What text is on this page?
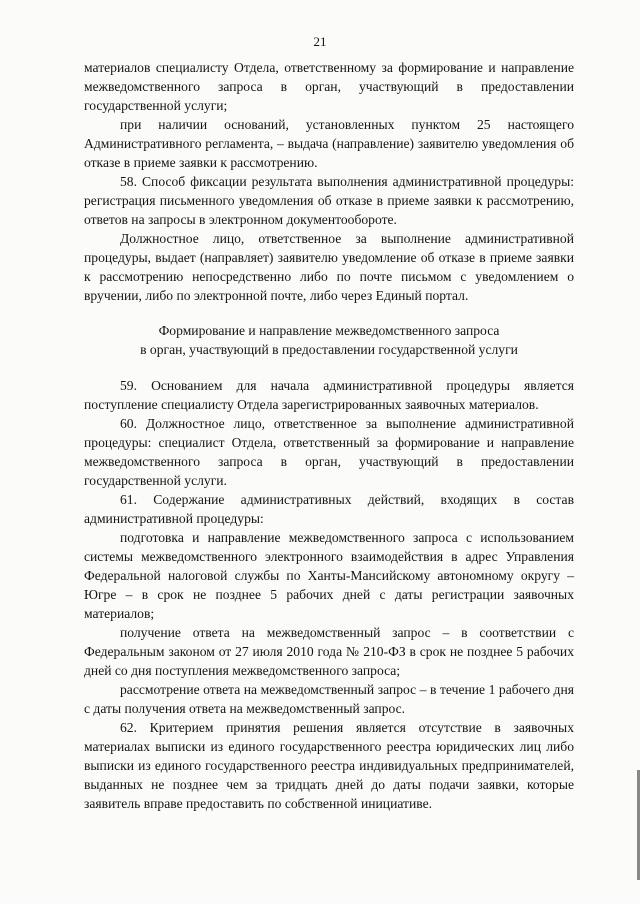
21

материалов специалисту Отдела, ответственному за формирование и направление межведомственного запроса в орган, участвующий в предоставлении государственной услуги;

при наличии оснований, установленных пунктом 25 настоящего Административного регламента, – выдача (направление) заявителю уведомления об отказе в приеме заявки к рассмотрению.

58. Способ фиксации результата выполнения административной процедуры: регистрация письменного уведомления об отказе в приеме заявки к рассмотрению, ответов на запросы в электронном документообороте.

Должностное лицо, ответственное за выполнение административной процедуры, выдает (направляет) заявителю уведомление об отказе в приеме заявки к рассмотрению непосредственно либо по почте письмом с уведомлением о вручении, либо по электронной почте, либо через Единый портал.

Формирование и направление межведомственного запроса
в орган, участвующий в предоставлении государственной услуги

59. Основанием для начала административной процедуры является поступление специалисту Отдела зарегистрированных заявочных материалов.

60. Должностное лицо, ответственное за выполнение административной процедуры: специалист Отдела, ответственный за формирование и направление межведомственного запроса в орган, участвующий в предоставлении государственной услуги.

61. Содержание административных действий, входящих в состав административной процедуры:

подготовка и направление межведомственного запроса с использованием системы межведомственного электронного взаимодействия в адрес Управления Федеральной налоговой службы по Ханты-Мансийскому автономному округу – Югре – в срок не позднее 5 рабочих дней с даты регистрации заявочных материалов;

получение ответа на межведомственный запрос – в соответствии с Федеральным законом от 27 июля 2010 года № 210-ФЗ в срок не позднее 5 рабочих дней со дня поступления межведомственного запроса;

рассмотрение ответа на межведомственный запрос – в течение 1 рабочего дня с даты получения ответа на межведомственный запрос.

62. Критерием принятия решения является отсутствие в заявочных материалах выписки из единого государственного реестра юридических лиц либо выписки из единого государственного реестра индивидуальных предпринимателей, выданных не позднее чем за тридцать дней до даты подачи заявки, которые заявитель вправе предоставить по собственной инициативе.
